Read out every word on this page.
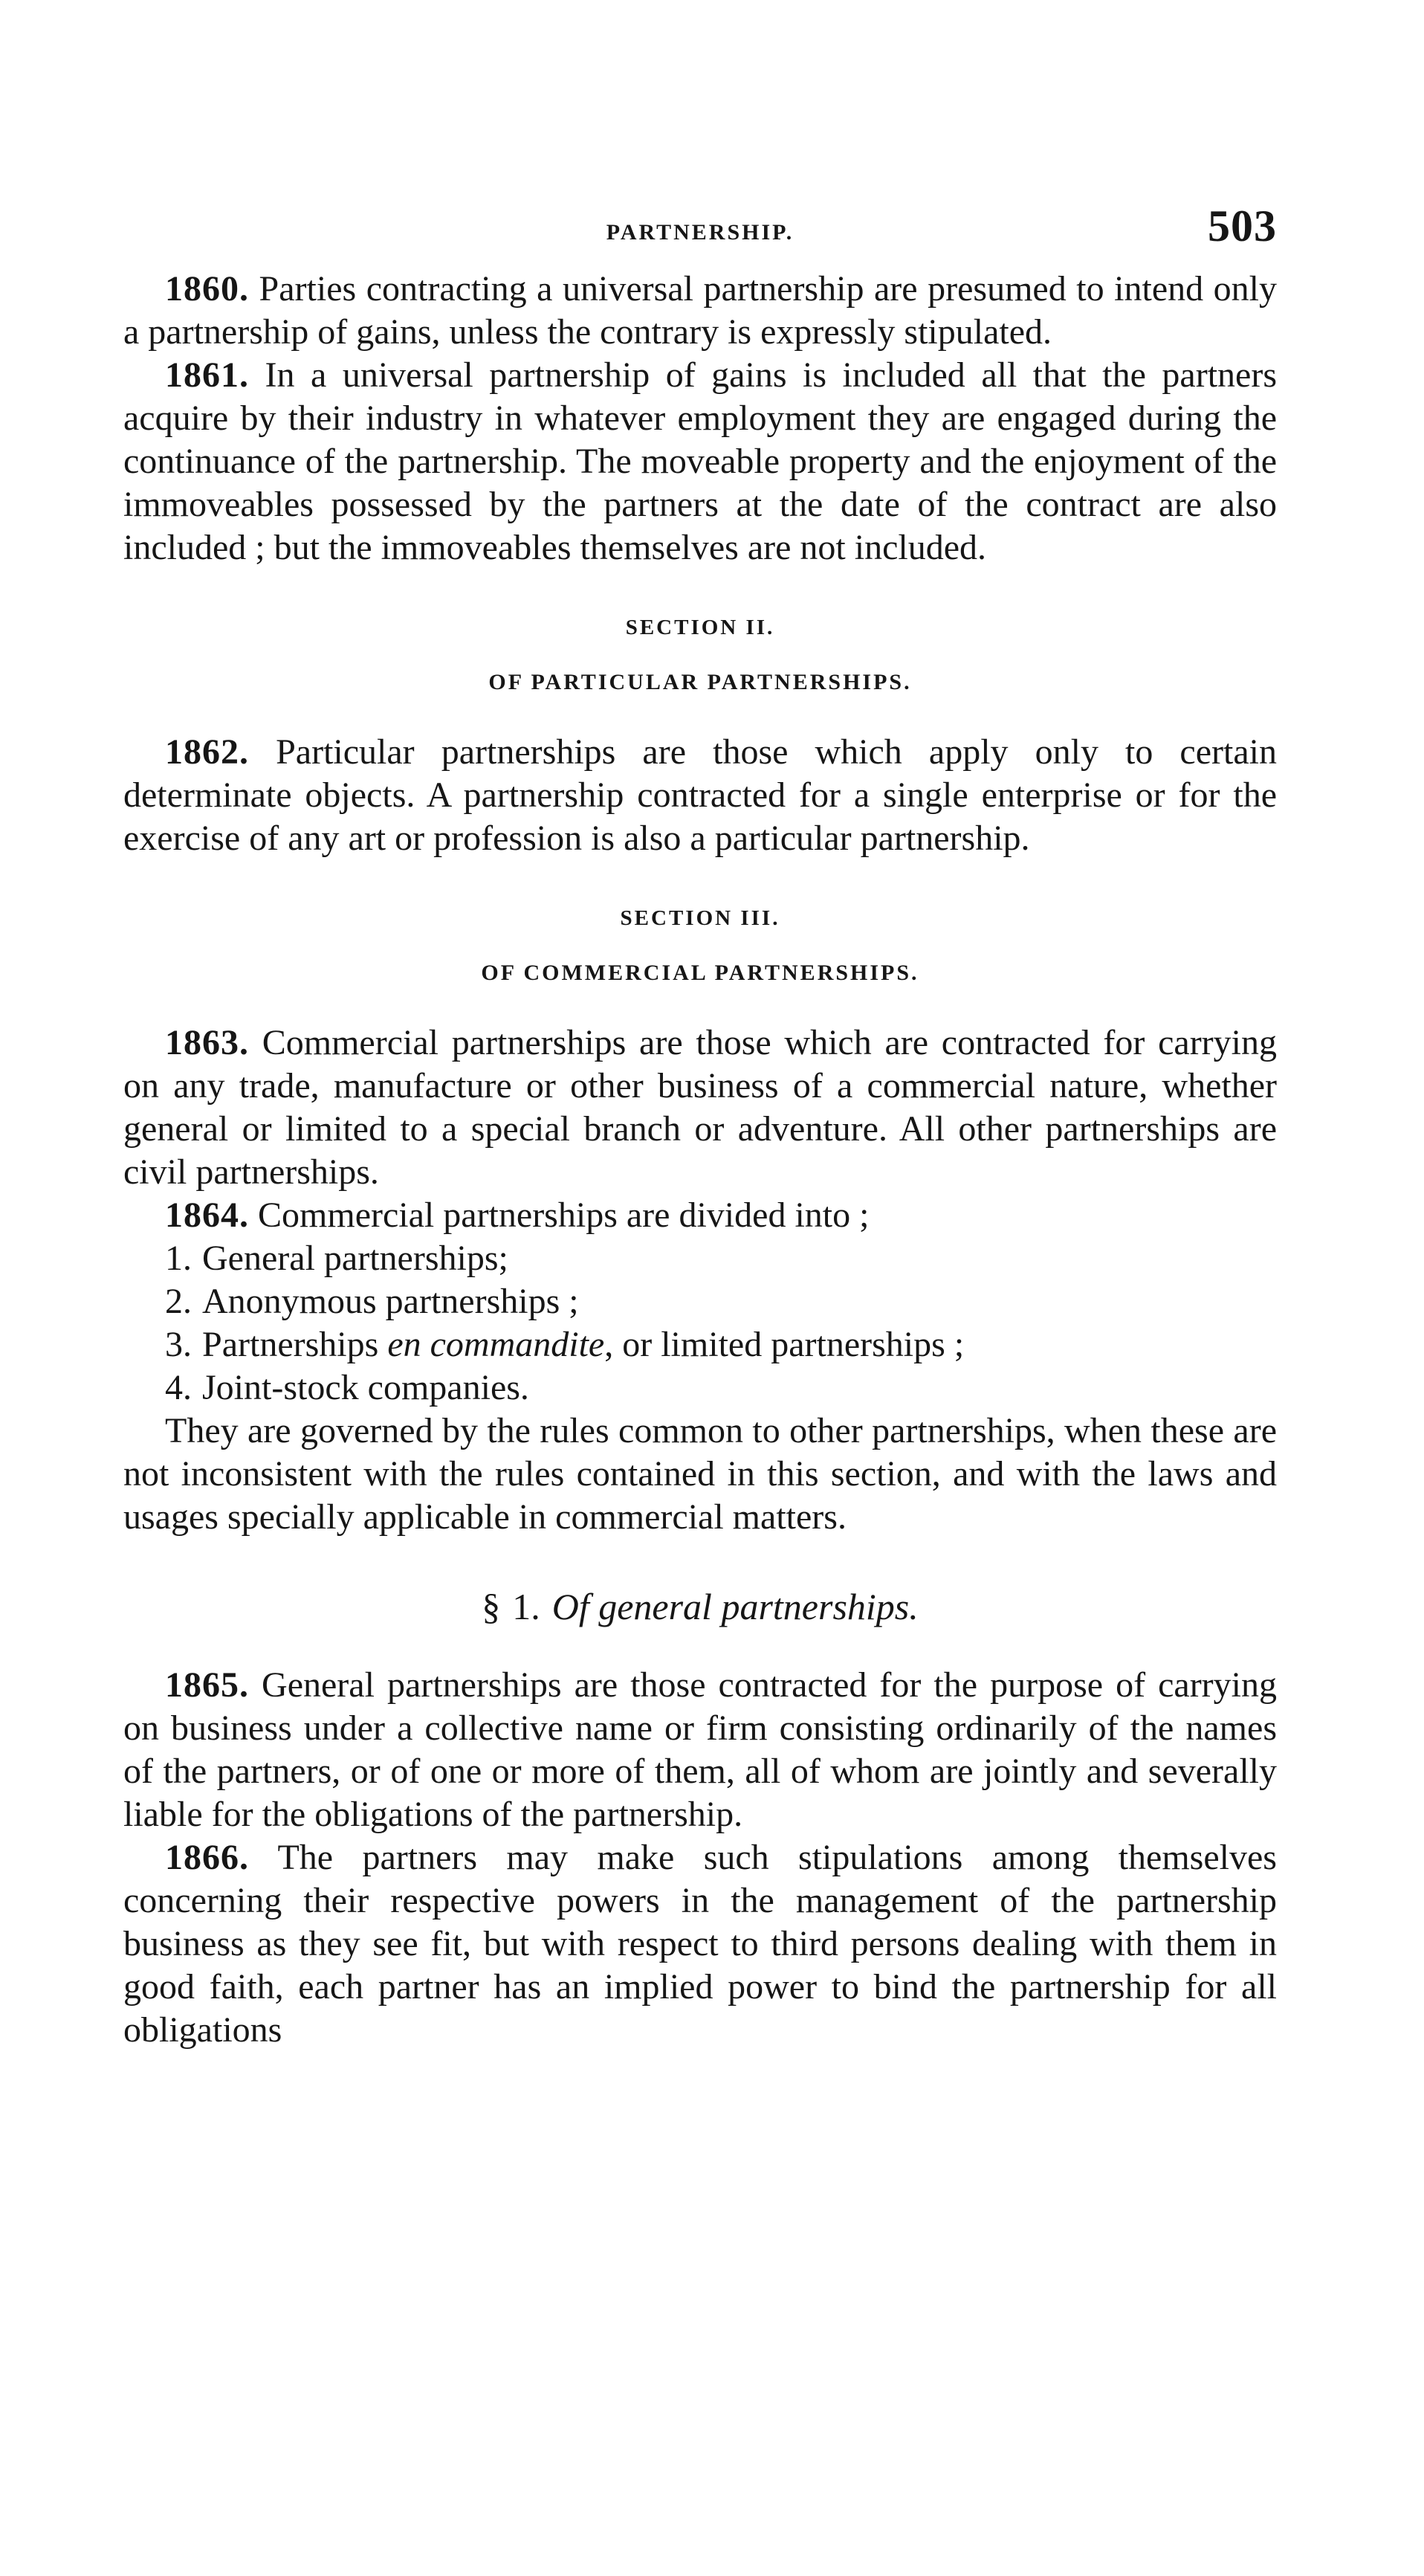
PARTNERSHIP.	503

1860. Parties contracting a universal partnership are presumed to intend only a partnership of gains, unless the contrary is expressly stipulated.

1861. In a universal partnership of gains is included all that the partners acquire by their industry in whatever employment they are engaged during the continuance of the partnership. The moveable property and the enjoyment of the immoveables possessed by the partners at the date of the contract are also included ; but the immoveables themselves are not included.

SECTION II.

OF PARTICULAR PARTNERSHIPS.

1862. Particular partnerships are those which apply only to certain determinate objects. A partnership contracted for a single enterprise or for the exercise of any art or profession is also a particular partnership.

SECTION III.

OF COMMERCIAL PARTNERSHIPS.

1863. Commercial partnerships are those which are contracted for carrying on any trade, manufacture or other business of a commercial nature, whether general or limited to a special branch or adventure. All other partnerships are civil partnerships.

1864. Commercial partnerships are divided into ;

1. General partnerships;
2. Anonymous partnerships ;
3. Partnerships en commandite, or limited partnerships ;
4. Joint-stock companies.

They are governed by the rules common to other partnerships, when these are not inconsistent with the rules contained in this section, and with the laws and usages specially applicable in commercial matters.

§ 1. Of general partnerships.

1865. General partnerships are those contracted for the purpose of carrying on business under a collective name or firm consisting ordinarily of the names of the partners, or of one or more of them, all of whom are jointly and severally liable for the obligations of the partnership.

1866. The partners may make such stipulations among themselves concerning their respective powers in the management of the partnership business as they see fit, but with respect to third persons dealing with them in good faith, each partner has an implied power to bind the partnership for all obligations
